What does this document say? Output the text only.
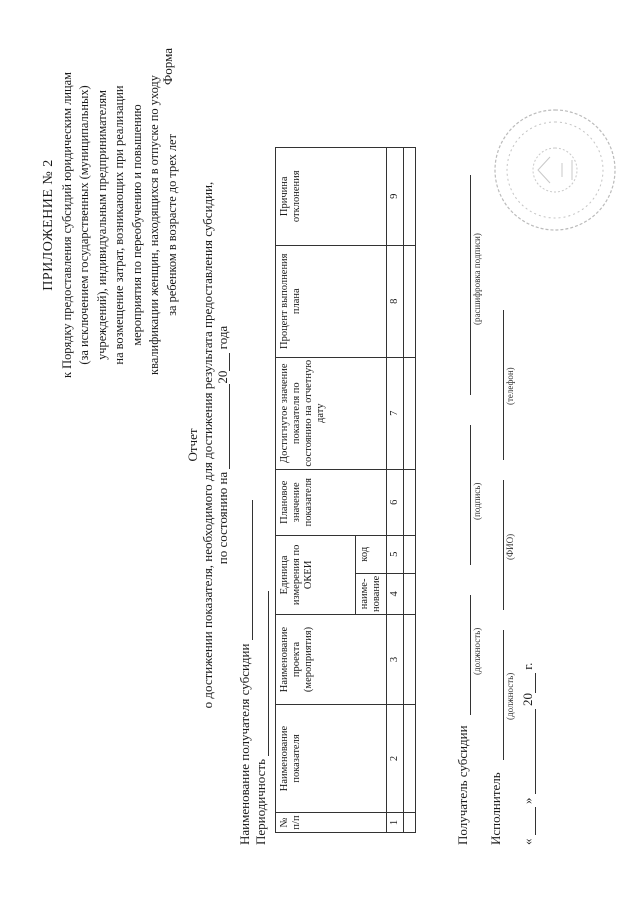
ПРИЛОЖЕНИЕ № 2 к Порядку предоставления субсидий юридическим лицам (за исключением государственных (муниципальных) учреждений), индивидуальным предпринимателям на возмещение затрат, возникающих при реализации мероприятия по переобучению и повышению квалификации женщин, находящихся в отпуске по уходу за ребенком в возрасте до трех лет
Форма
Отчет о достижении показателя, необходимого для достижения результата предоставления субсидии, по состоянию на 20 года
Наименование получателя субсидии Периодичность № п/п	Наименование показателя	Наименование проекта (мероприятия)	Единица измерения по ОКЕИ		Плановое значение показателя	Достигнутое значение показателя по состоянию на отчетную дату	Процент выполнения плана	Причина отклонения	
			наиме-нование	код					
1	2	3	4	5	6	7	8	9	

Получатель субсидии
(должность)
(подпись)
(расшифровка подписи)
Исполнитель
(должность)
(ФИО)
(телефон)
«  »  20 г.
